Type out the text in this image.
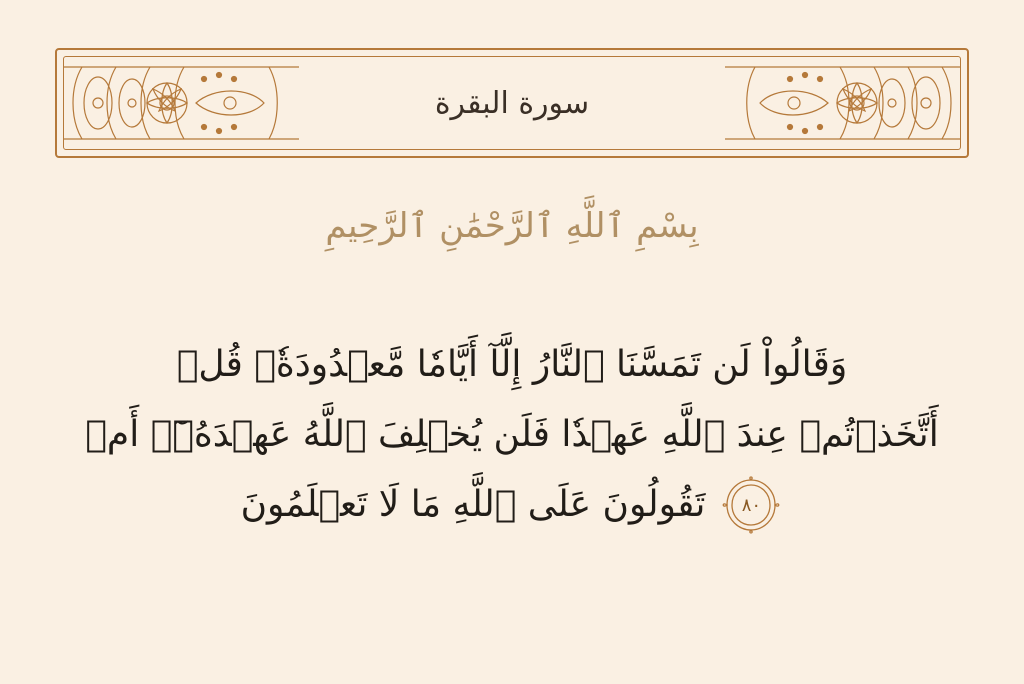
سورة البقرة
بِسْمِ ٱللَّهِ ٱلرَّحْمَٰنِ ٱلرَّحِيمِ
وَقَالُواْ لَن تَمَسَّنَا ٱلنَّارُ إِلَّآ أَيَّامٗا مَّعۡدُودَةٗۚ قُلۡ
أَتَّخَذۡتُمۡ عِندَ ٱللَّهِ عَهۡدٗا فَلَن يُخۡلِفَ ٱللَّهُ عَهۡدَهُۥٓۖ أَمۡ
٨٠
تَقُولُونَ عَلَى ٱللَّهِ مَا لَا تَعۡلَمُونَ
